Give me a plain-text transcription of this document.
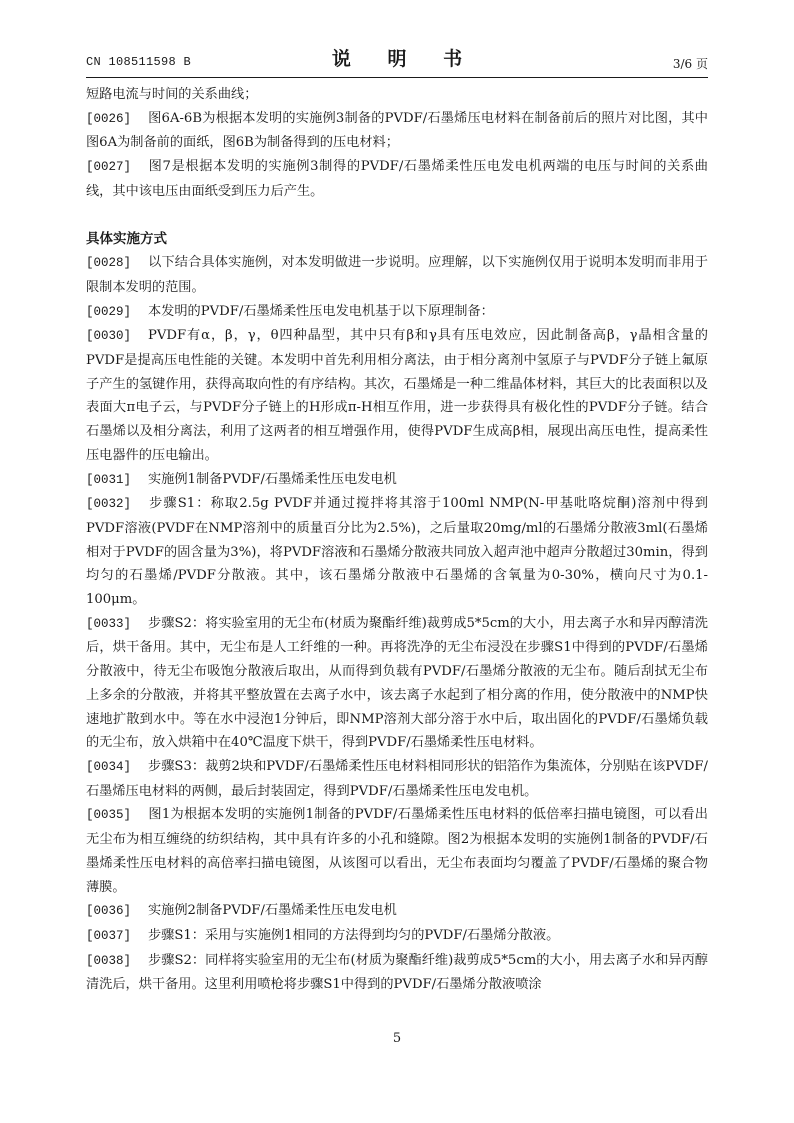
CN 108511598 B	说 明 书	3/6 页

短路电流与时间的关系曲线；

[0026] 图6A-6B为根据本发明的实施例3制备的PVDF/石墨烯压电材料在制备前后的照片对比图，其中图6A为制备前的面纸，图6B为制备得到的压电材料；

[0027] 图7是根据本发明的实施例3制得的PVDF/石墨烯柔性压电发电机两端的电压与时间的关系曲线，其中该电压由面纸受到压力后产生。

具体实施方式

[0028] 以下结合具体实施例，对本发明做进一步说明。应理解，以下实施例仅用于说明本发明而非用于限制本发明的范围。

[0029] 本发明的PVDF/石墨烯柔性压电发电机基于以下原理制备：

[0030] PVDF有α，β，γ，θ四种晶型，其中只有β和γ具有压电效应，因此制备高β，γ晶相含量的PVDF是提高压电性能的关键。本发明中首先利用相分离法，由于相分离剂中氢原子与PVDF分子链上氟原子产生的氢键作用，获得高取向性的有序结构。其次，石墨烯是一种二维晶体材料，其巨大的比表面积以及表面大π电子云，与PVDF分子链上的H形成π-H相互作用，进一步获得具有极化性的PVDF分子链。结合石墨烯以及相分离法，利用了这两者的相互增强作用，使得PVDF生成高β相，展现出高压电性，提高柔性压电器件的压电输出。

[0031] 实施例1制备PVDF/石墨烯柔性压电发电机

[0032] 步骤S1：称取2.5g PVDF并通过搅拌将其溶于100ml NMP(N-甲基吡咯烷酮)溶剂中得到PVDF溶液(PVDF在NMP溶剂中的质量百分比为2.5%)，之后量取20mg/ml的石墨烯分散液3ml(石墨烯相对于PVDF的固含量为3%)，将PVDF溶液和石墨烯分散液共同放入超声池中超声分散超过30min，得到均匀的石墨烯/PVDF分散液。其中，该石墨烯分散液中石墨烯的含氧量为0-30%，横向尺寸为0.1-100μm。

[0033] 步骤S2：将实验室用的无尘布(材质为聚酯纤维)裁剪成5*5cm的大小，用去离子水和异丙醇清洗后，烘干备用。其中，无尘布是人工纤维的一种。再将洗净的无尘布浸没在步骤S1中得到的PVDF/石墨烯分散液中，待无尘布吸饱分散液后取出，从而得到负载有PVDF/石墨烯分散液的无尘布。随后刮拭无尘布上多余的分散液，并将其平整放置在去离子水中，该去离子水起到了相分离的作用，使分散液中的NMP快速地扩散到水中。等在水中浸泡1分钟后，即NMP溶剂大部分溶于水中后，取出固化的PVDF/石墨烯负载的无尘布，放入烘箱中在40℃温度下烘干，得到PVDF/石墨烯柔性压电材料。

[0034] 步骤S3：裁剪2块和PVDF/石墨烯柔性压电材料相同形状的铝箔作为集流体，分别贴在该PVDF/石墨烯压电材料的两侧，最后封装固定，得到PVDF/石墨烯柔性压电发电机。

[0035] 图1为根据本发明的实施例1制备的PVDF/石墨烯柔性压电材料的低倍率扫描电镜图，可以看出无尘布为相互缠绕的纺织结构，其中具有许多的小孔和缝隙。图2为根据本发明的实施例1制备的PVDF/石墨烯柔性压电材料的高倍率扫描电镜图，从该图可以看出，无尘布表面均匀覆盖了PVDF/石墨烯的聚合物薄膜。

[0036] 实施例2制备PVDF/石墨烯柔性压电发电机

[0037] 步骤S1：采用与实施例1相同的方法得到均匀的PVDF/石墨烯分散液。

[0038] 步骤S2：同样将实验室用的无尘布(材质为聚酯纤维)裁剪成5*5cm的大小，用去离子水和异丙醇清洗后，烘干备用。这里利用喷枪将步骤S1中得到的PVDF/石墨烯分散液喷涂

5
